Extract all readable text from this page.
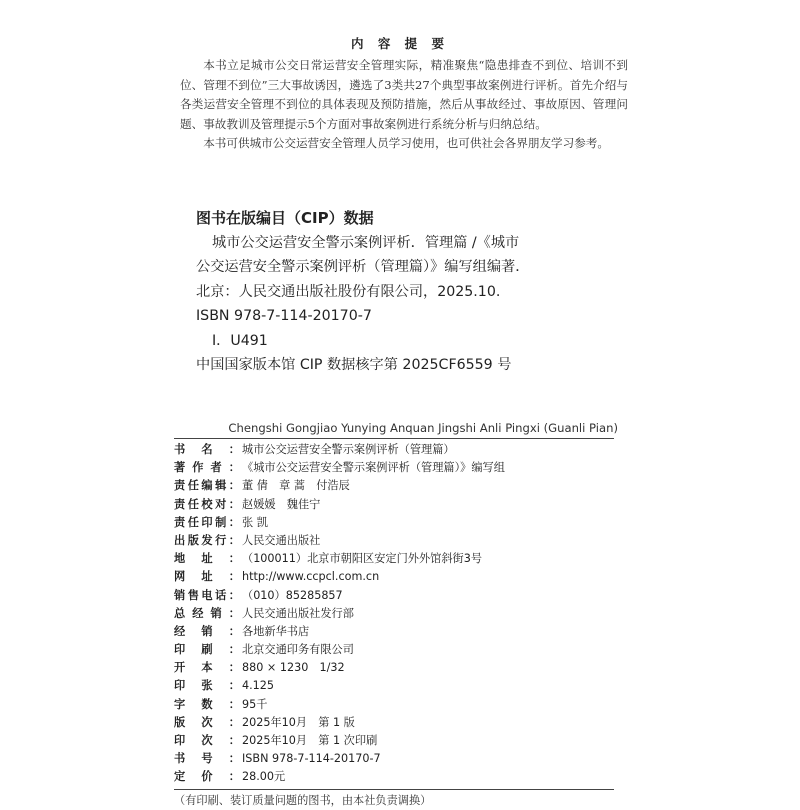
内 容 提 要

本书立足城市公交日常运营安全管理实际，精准聚焦“隐患排查不到位、培训不到位、管理不到位”三大事故诱因，遴选了3类共27个典型事故案例进行评析。首先介绍与各类运营安全管理不到位的具体表现及预防措施，然后从事故经过、事故原因、管理问题、事故教训及管理提示5个方面对事故案例进行系统分析与归纳总结。

本书可供城市公交运营安全管理人员学习使用，也可供社会各界朋友学习参考。

图书在版编目（CIP）数据
城市公交运营安全警示案例评析．管理篇 /《城市
公交运营安全警示案例评析（管理篇）》编写组编著．
北京：人民交通出版社股份有限公司，2025.10.
ISBN 978-7-114-20170-7
Ⅰ．U491
中国国家版本馆 CIP 数据核字第 2025CF6559 号
Chengshi Gongjiao Yunying Anquan Jingshi Anli Pingxi (Guanli Pian)
书名： 城市公交运营安全警示案例评析（管理篇）
著作者： 《城市公交运营安全警示案例评析（管理篇）》编写组
责任编辑： 董 倩　章 蒿　付浩辰
责任校对： 赵媛媛　魏佳宁
责任印制： 张 凯
出版发行： 人民交通出版社
地址： （100011）北京市朝阳区安定门外外馆斜街3号
网址： http://www.ccpcl.com.cn
销售电话： （010）85285857
总经销： 人民交通出版社发行部
经销： 各地新华书店
印刷： 北京交通印务有限公司
开本： 880 × 1230　1/32
印张： 4.125
字数： 95千
版次： 2025年10月　第 1 版
印次： 2025年10月　第 1 次印刷
书号： ISBN 978-7-114-20170-7
定价： 28.00元
（有印刷、装订质量问题的图书，由本社负责调换）
